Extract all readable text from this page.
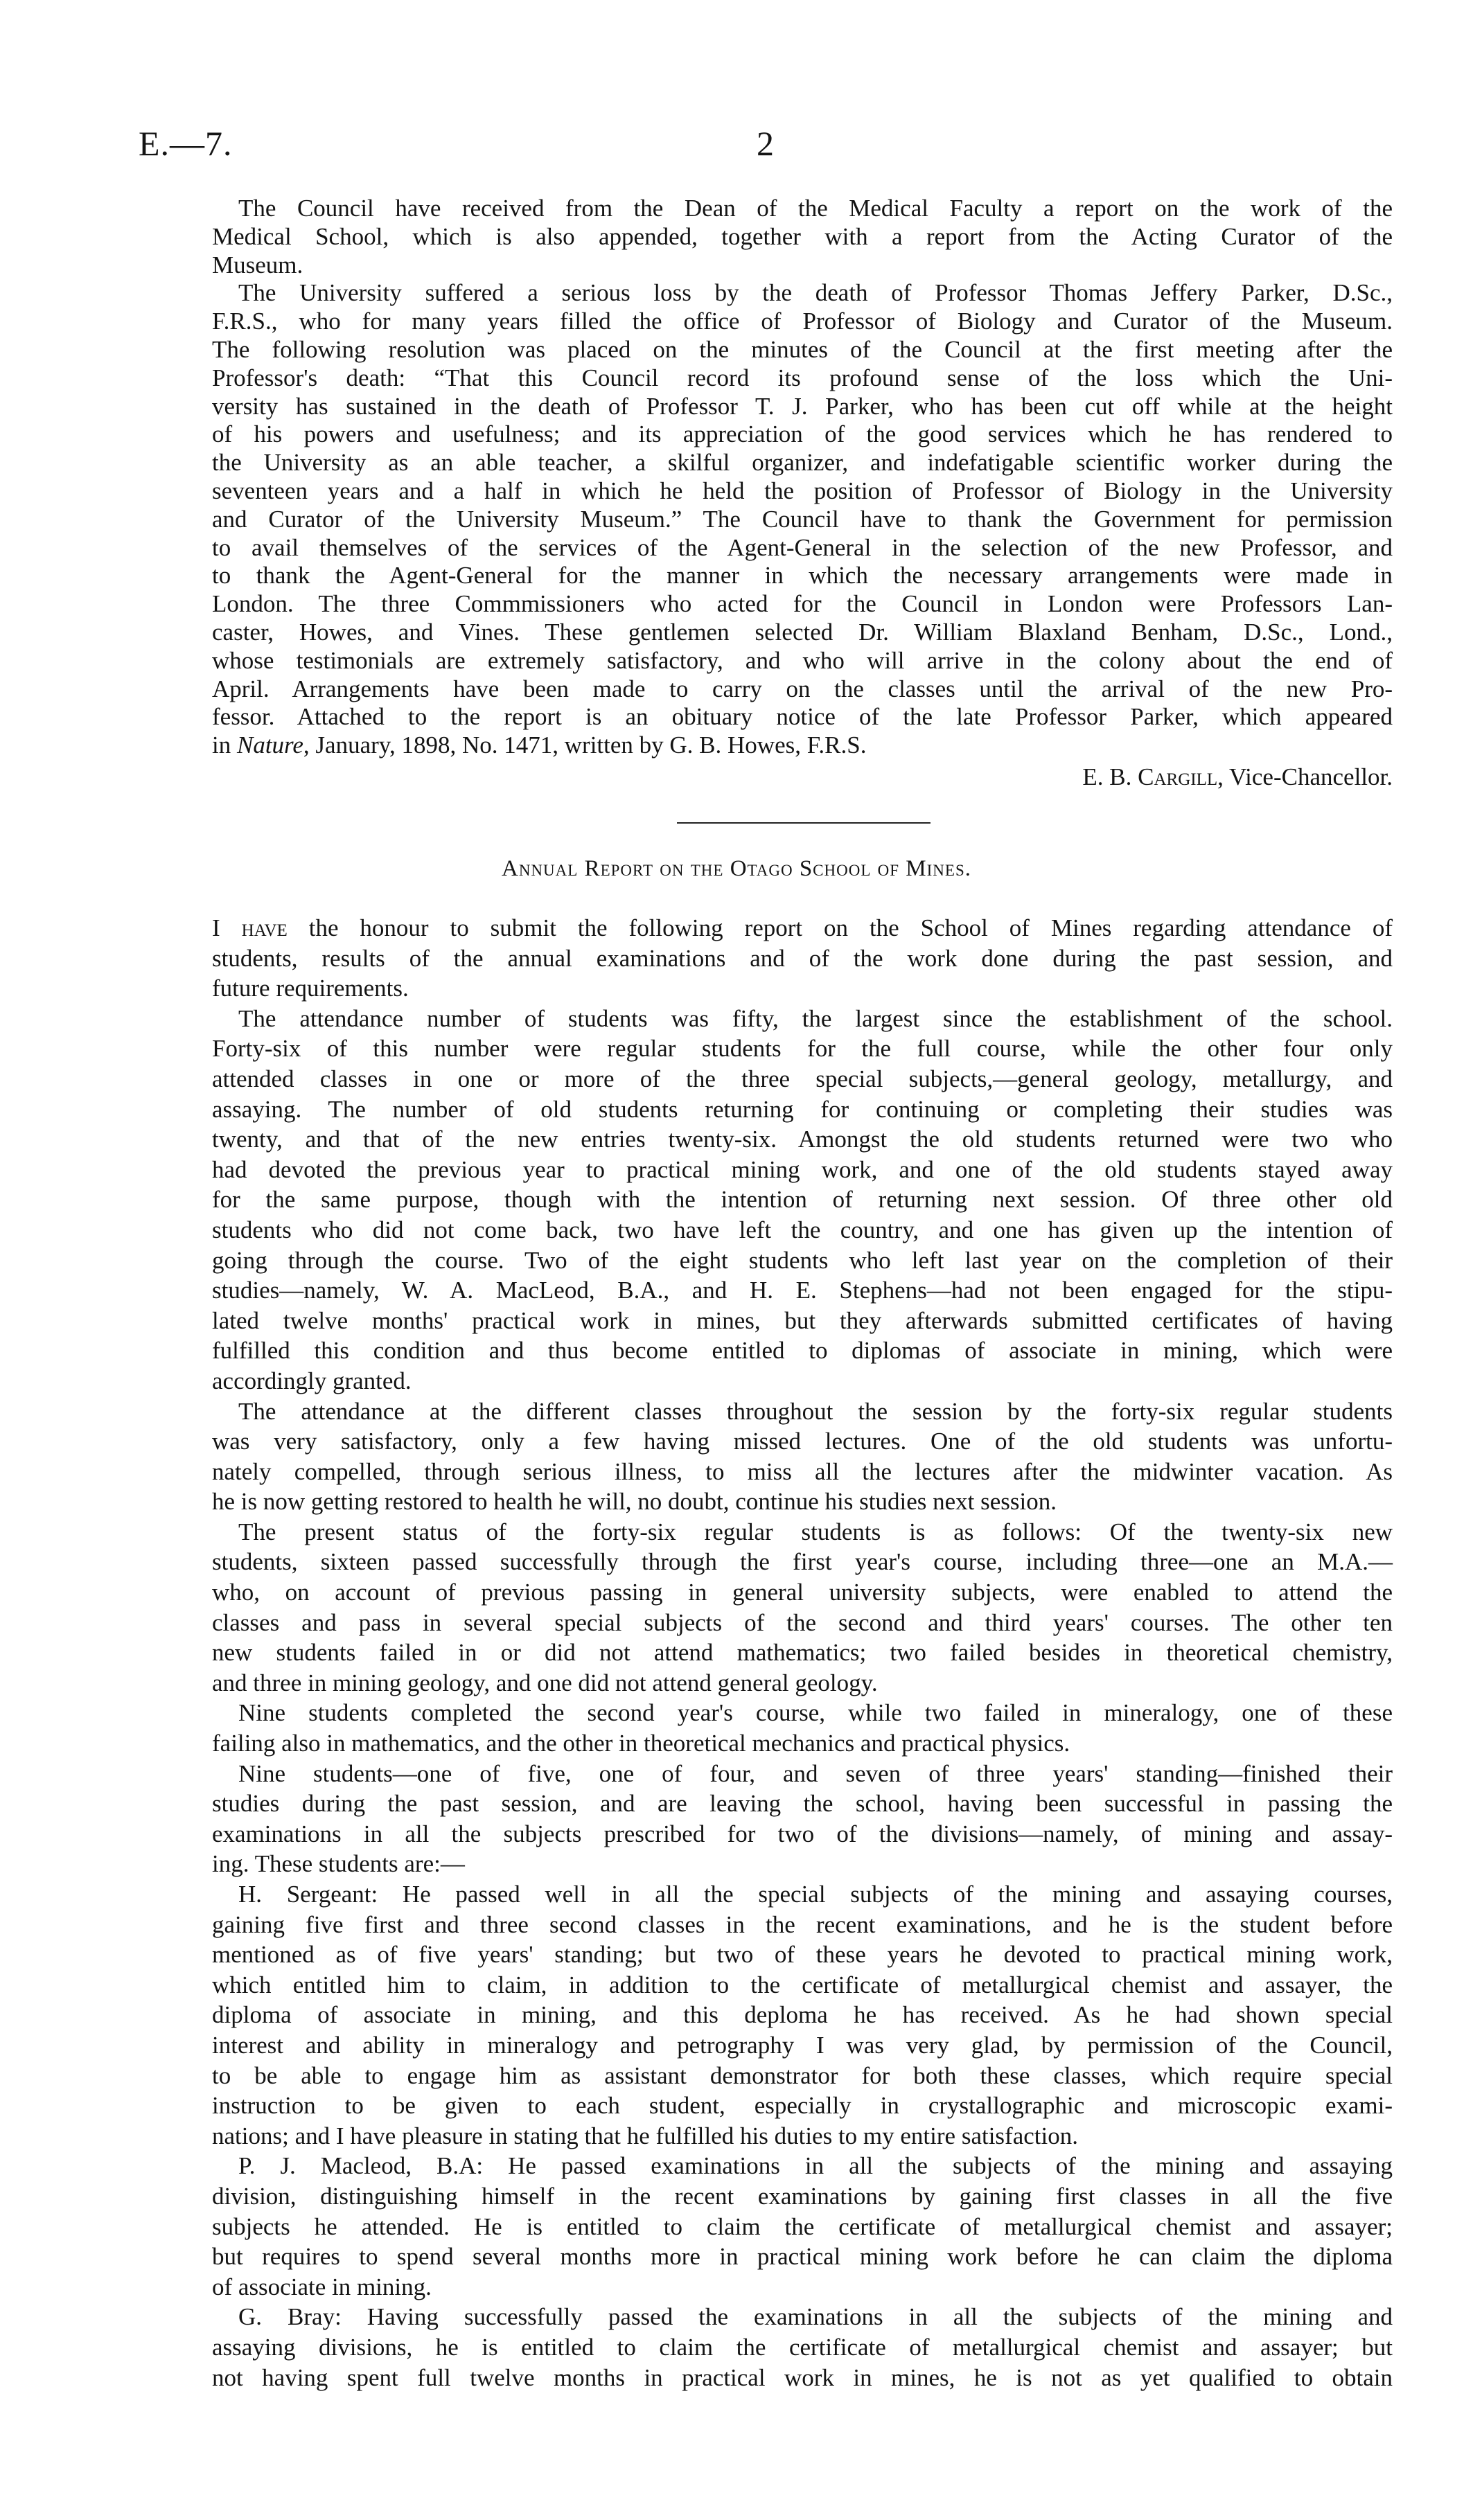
E.—7.	2
The Council have received from the Dean of the Medical Faculty a report on the work of the
Medical School, which is also appended, together with a report from the Acting Curator of the
Museum.
The University suffered a serious loss by the death of Professor Thomas Jeffery Parker, D.Sc.,
F.R.S., who for many years filled the office of Professor of Biology and Curator of the Museum.
The following resolution was placed on the minutes of the Council at the first meeting after the
Professor's death: “That this Council record its profound sense of the loss which the Uni-
versity has sustained in the death of Professor T. J. Parker, who has been cut off while at the height
of his powers and usefulness; and its appreciation of the good services which he has rendered to
the University as an able teacher, a skilful organizer, and indefatigable scientific worker during the
seventeen years and a half in which he held the position of Professor of Biology in the University
and Curator of the University Museum.” The Council have to thank the Government for permission
to avail themselves of the services of the Agent-General in the selection of the new Professor, and
to thank the Agent-General for the manner in which the necessary arrangements were made in
London. The three Commmissioners who acted for the Council in London were Professors Lan-
caster, Howes, and Vines. These gentlemen selected Dr. William Blaxland Benham, D.Sc., Lond.,
whose testimonials are extremely satisfactory, and who will arrive in the colony about the end of
April. Arrangements have been made to carry on the classes until the arrival of the new Pro-
fessor. Attached to the report is an obituary notice of the late Professor Parker, which appeared
in Nature, January, 1898, No. 1471, written by G. B. Howes, F.R.S.
E. B. Cargill, Vice-Chancellor.
Annual Report on the Otago School of Mines.
I have the honour to submit the following report on the School of Mines regarding attendance of
students, results of the annual examinations and of the work done during the past session, and
future requirements.
The attendance number of students was fifty, the largest since the establishment of the school.
Forty-six of this number were regular students for the full course, while the other four only
attended classes in one or more of the three special subjects,—general geology, metallurgy, and
assaying. The number of old students returning for continuing or completing their studies was
twenty, and that of the new entries twenty-six. Amongst the old students returned were two who
had devoted the previous year to practical mining work, and one of the old students stayed away
for the same purpose, though with the intention of returning next session. Of three other old
students who did not come back, two have left the country, and one has given up the intention of
going through the course. Two of the eight students who left last year on the completion of their
studies—namely, W. A. MacLeod, B.A., and H. E. Stephens—had not been engaged for the stipu-
lated twelve months' practical work in mines, but they afterwards submitted certificates of having
fulfilled this condition and thus become entitled to diplomas of associate in mining, which were
accordingly granted.
The attendance at the different classes throughout the session by the forty-six regular students
was very satisfactory, only a few having missed lectures. One of the old students was unfortu-
nately compelled, through serious illness, to miss all the lectures after the midwinter vacation. As
he is now getting restored to health he will, no doubt, continue his studies next session.
The present status of the forty-six regular students is as follows: Of the twenty-six new
students, sixteen passed successfully through the first year's course, including three—one an M.A.—
who, on account of previous passing in general university subjects, were enabled to attend the
classes and pass in several special subjects of the second and third years' courses. The other ten
new students failed in or did not attend mathematics; two failed besides in theoretical chemistry,
and three in mining geology, and one did not attend general geology.
Nine students completed the second year's course, while two failed in mineralogy, one of these
failing also in mathematics, and the other in theoretical mechanics and practical physics.
Nine students—one of five, one of four, and seven of three years' standing—finished their
studies during the past session, and are leaving the school, having been successful in passing the
examinations in all the subjects prescribed for two of the divisions—namely, of mining and assay-
ing. These students are:—
H. Sergeant: He passed well in all the special subjects of the mining and assaying courses,
gaining five first and three second classes in the recent examinations, and he is the student before
mentioned as of five years' standing; but two of these years he devoted to practical mining work,
which entitled him to claim, in addition to the certificate of metallurgical chemist and assayer, the
diploma of associate in mining, and this deploma he has received. As he had shown special
interest and ability in mineralogy and petrography I was very glad, by permission of the Council,
to be able to engage him as assistant demonstrator for both these classes, which require special
instruction to be given to each student, especially in crystallographic and microscopic exami-
nations; and I have pleasure in stating that he fulfilled his duties to my entire satisfaction.
P. J. Macleod, B.A: He passed examinations in all the subjects of the mining and assaying
division, distinguishing himself in the recent examinations by gaining first classes in all the five
subjects he attended. He is entitled to claim the certificate of metallurgical chemist and assayer;
but requires to spend several months more in practical mining work before he can claim the diploma
of associate in mining.
G. Bray: Having successfully passed the examinations in all the subjects of the mining and
assaying divisions, he is entitled to claim the certificate of metallurgical chemist and assayer; but
not having spent full twelve months in practical work in mines, he is not as yet qualified to obtain
